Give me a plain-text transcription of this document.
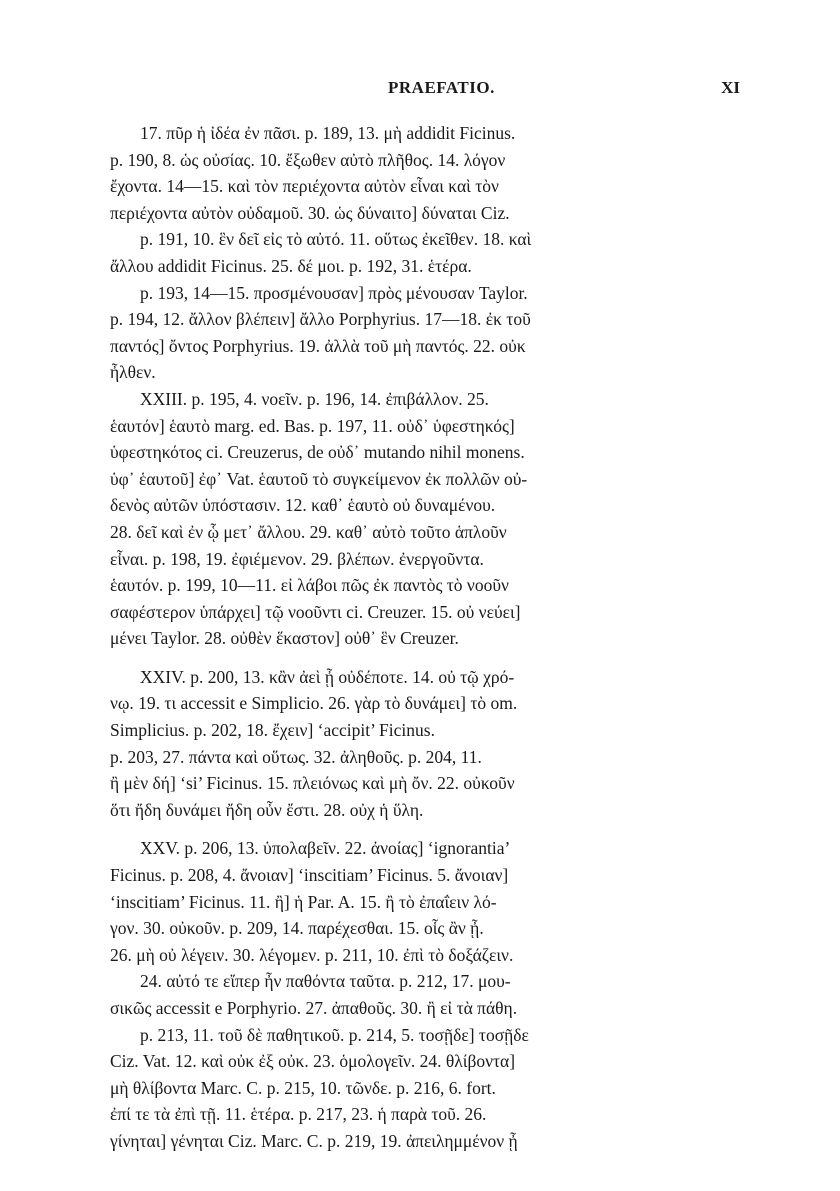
PRAEFATIO.	XI
17. πῦρ ἡ ἰδέα ἐν πᾶσι. p. 189, 13. μὴ addidit Ficinus.
p. 190, 8. ὡς οὐσίας. 10. ἔξωθεν αὐτὸ πλῆθος. 14. λόγον
ἔχοντα. 14—15. καὶ τὸν περιέχοντα αὐτὸν εἶναι καὶ τὸν
περιέχοντα αὐτὸν οὐδαμοῦ. 30. ὡς δύναιτο] δύναται Ciz.
p. 191, 10. ἓν δεῖ εἰς τὸ αὐτό. 11. οὕτως ἐκεῖθεν. 18. καὶ
ἄλλου addidit Ficinus. 25. δέ μοι. p. 192, 31. ἑτέρα.
p. 193, 14—15. προσμένουσαν] πρὸς μένουσαν Taylor.
p. 194, 12. ἄλλον βλέπειν] ἄλλο Porphyrius. 17—18. ἐκ τοῦ
παντός] ὄντος Porphyrius. 19. ἀλλὰ τοῦ μὴ παντός. 22. οὐκ
ἦλθεν.
XXIII. p. 195, 4. νοεῖν. p. 196, 14. ἐπιβάλλον. 25.
ἑαυτόν] ἑαυτὸ marg. ed. Bas. p. 197, 11. οὐδ᾽ ὑφεστηκός]
ὑφεστηκότος ci. Creuzerus, de οὐδ᾽ mutando nihil monens.
ὑφ᾽ ἑαυτοῦ] ἐφ᾽ Vat. ἑαυτοῦ τὸ συγκείμενον ἐκ πολλῶν οὐ-
δενὸς αὐτῶν ὑπόστασιν. 12. καθ᾽ ἑαυτὸ οὐ δυναμένου.
28. δεῖ καὶ ἐν ᾧ μετ᾽ ἄλλου. 29. καθ᾽ αὐτὸ τοῦτο ἁπλοῦν
εἶναι. p. 198, 19. ἐφιέμενον. 29. βλέπων. ἐνεργοῦντα.
ἑαυτόν. p. 199, 10—11. εἰ λάβοι πῶς ἐκ παντὸς τὸ νοοῦν
σαφέστερον ὑπάρχει] τῷ νοοῦντι ci. Creuzer. 15. οὐ νεύει]
μένει Taylor. 28. οὐθὲν ἕκαστον] οὐθ᾽ ἓν Creuzer.
XXIV. p. 200, 13. κἂν ἀεὶ ᾖ οὐδέποτε. 14. οὐ τῷ χρό-
νῳ. 19. τι accessit e Simplicio. 26. γὰρ τὸ δυνάμει] τὸ om.
Simplicius. p. 202, 18. ἔχειν] ‘accipit’ Ficinus.
p. 203, 27. πάντα καὶ οὕτως. 32. ἀληθοῦς. p. 204, 11.
ἢ μὲν δή] ‘si’ Ficinus. 15. πλειόνως καὶ μὴ ὄν. 22. οὐκοῦν
ὅτι ἤδη δυνάμει ἤδη οὖν ἔστι. 28. οὐχ ἡ ὕλη.
XXV. p. 206, 13. ὑπολαβεῖν. 22. ἀνοίας] ‘ignorantia’
Ficinus. p. 208, 4. ἄνοιαν] ‘inscitiam’ Ficinus. 5. ἄνοιαν]
‘inscitiam’ Ficinus. 11. ἢ] ἡ Par. A. 15. ἢ τὸ ἐπαΐειν λό-
γον. 30. οὐκοῦν. p. 209, 14. παρέχεσθαι. 15. οἷς ἂν ᾖ.
26. μὴ οὐ λέγειν. 30. λέγομεν. p. 211, 10. ἐπὶ τὸ δοξάζειν.
24. αὐτό τε εἴπερ ἦν παθόντα ταῦτα. p. 212, 17. μου-
σικῶς accessit e Porphyrio. 27. ἀπαθοῦς. 30. ἢ εἰ τὰ πάθη.
p. 213, 11. τοῦ δὲ παθητικοῦ. p. 214, 5. τοσῇδε] τοσῇδε
Ciz. Vat. 12. καὶ οὐκ ἐξ οὐκ. 23. ὁμολογεῖν. 24. θλίβοντα]
μὴ θλίβοντα Marc. C. p. 215, 10. τῶνδε. p. 216, 6. fort.
ἐπί τε τὰ ἐπὶ τῇ. 11. ἑτέρα. p. 217, 23. ἡ παρὰ τοῦ. 26.
γίνηται] γένηται Ciz. Marc. C. p. 219, 19. ἀπειλημμένον ᾖ
